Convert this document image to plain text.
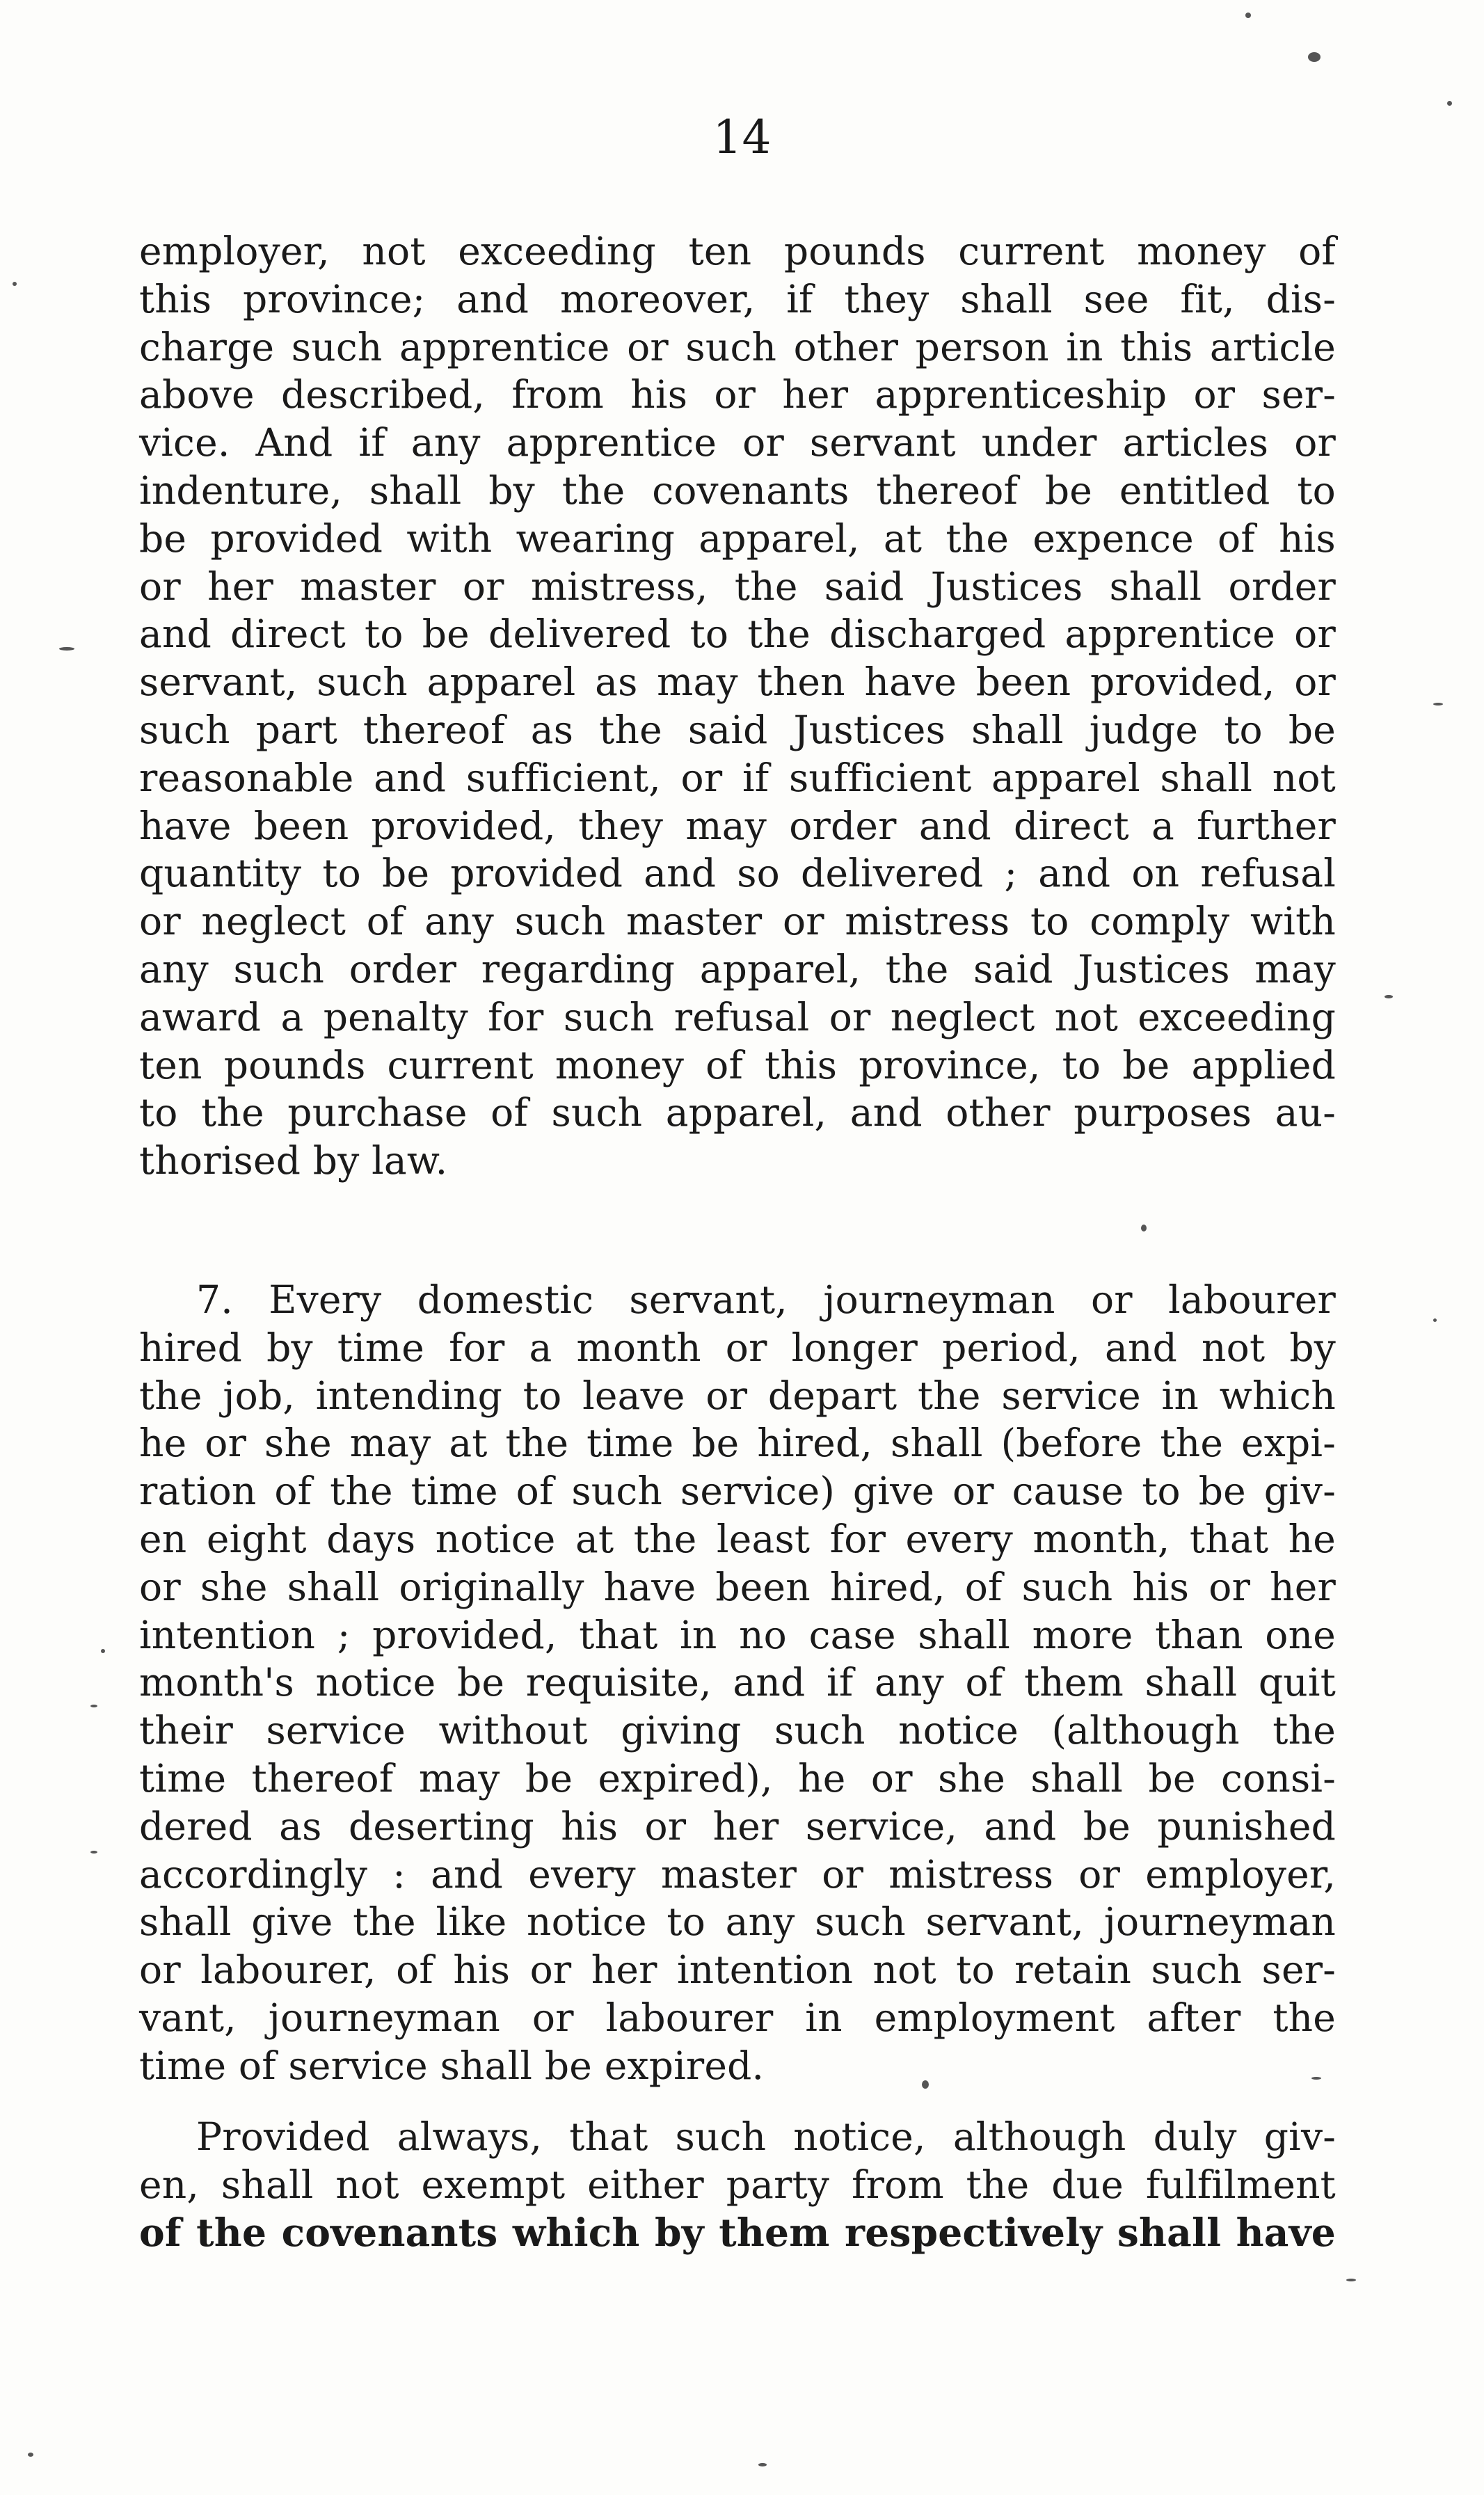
14
employer, not exceeding ten pounds current money of
this province; and moreover, if they shall see fit, dis-
charge such apprentice or such other person in this article
above described, from his or her apprenticeship or ser-
vice. And if any apprentice or servant under articles or
indenture, shall by the covenants thereof be entitled to
be provided with wearing apparel, at the expence of his
or her master or mistress, the said Justices shall order
and direct to be delivered to the discharged apprentice or
servant, such apparel as may then have been provided, or
such part thereof as the said Justices shall judge to be
reasonable and sufficient, or if sufficient apparel shall not
have been provided, they may order and direct a further
quantity to be provided and so delivered ; and on refusal
or neglect of any such master or mistress to comply with
any such order regarding apparel, the said Justices may
award a penalty for such refusal or neglect not exceeding
ten pounds current money of this province, to be applied
to the purchase of such apparel, and other purposes au-
thorised by law.
7. Every domestic servant, journeyman or labourer
hired by time for a month or longer period, and not by
the job, intending to leave or depart the service in which
he or she may at the time be hired, shall (before the expi-
ration of the time of such service) give or cause to be giv-
en eight days notice at the least for every month, that he
or she shall originally have been hired, of such his or her
intention ; provided, that in no case shall more than one
month's notice be requisite, and if any of them shall quit
their service without giving such notice (although the
time thereof may be expired), he or she shall be consi-
dered as deserting his or her service, and be punished
accordingly : and every master or mistress or employer,
shall give the like notice to any such servant, journeyman
or labourer, of his or her intention not to retain such ser-
vant, journeyman or labourer in employment after the
time of service shall be expired.
Provided always, that such notice, although duly giv-
en, shall not exempt either party from the due fulfilment
of the covenants which by them respectively shall have
